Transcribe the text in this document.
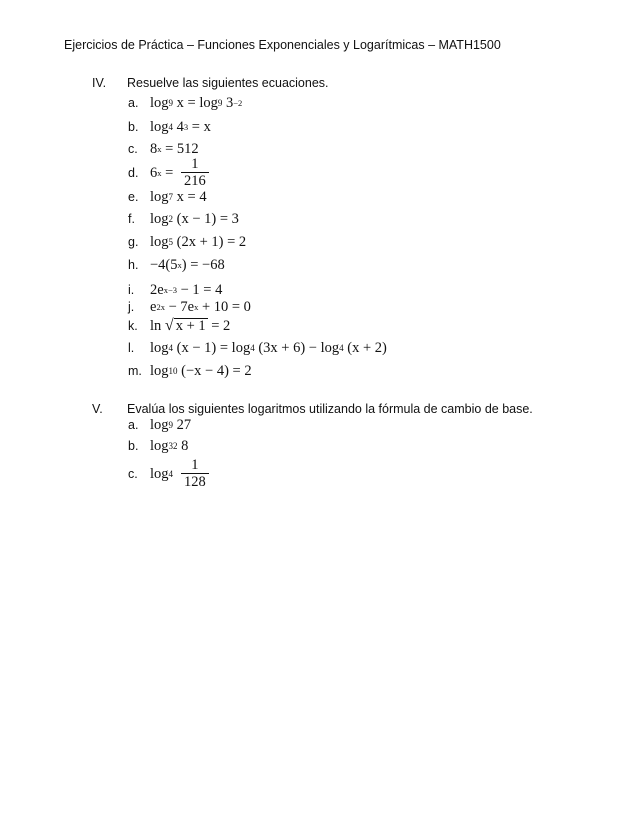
Ejercicios de Práctica – Funciones Exponenciales y Logarítmicas – MATH1500
IV. Resuelve las siguientes ecuaciones.
a. log 9 x = log 9 3 −2
b. log 4 4 3 = x
c. 8 x = 512
d. 6 $x = \frac{1}{216}$
e. log 7 x = 4
f.	log 2 (x − 1) = 3
g. log 5 (2x + 1) = 2
h. −4(5 x ) = −68
i.	2e x−3 − 1 = 4
j.	e 2x − 7e x + 10 = 0
k. ln √ x + 1 = 2
l.	log 4 (x − 1) = log 4 (3x + 6) − log 4 (x + 2)
m. log 10 (−x − 4) = 2
V. Evalúa los siguientes logaritmos utilizando la fórmula de cambio de base.
a. log 9 27
b. log 32 8
c. $\log 4 \frac{1}{128}$
